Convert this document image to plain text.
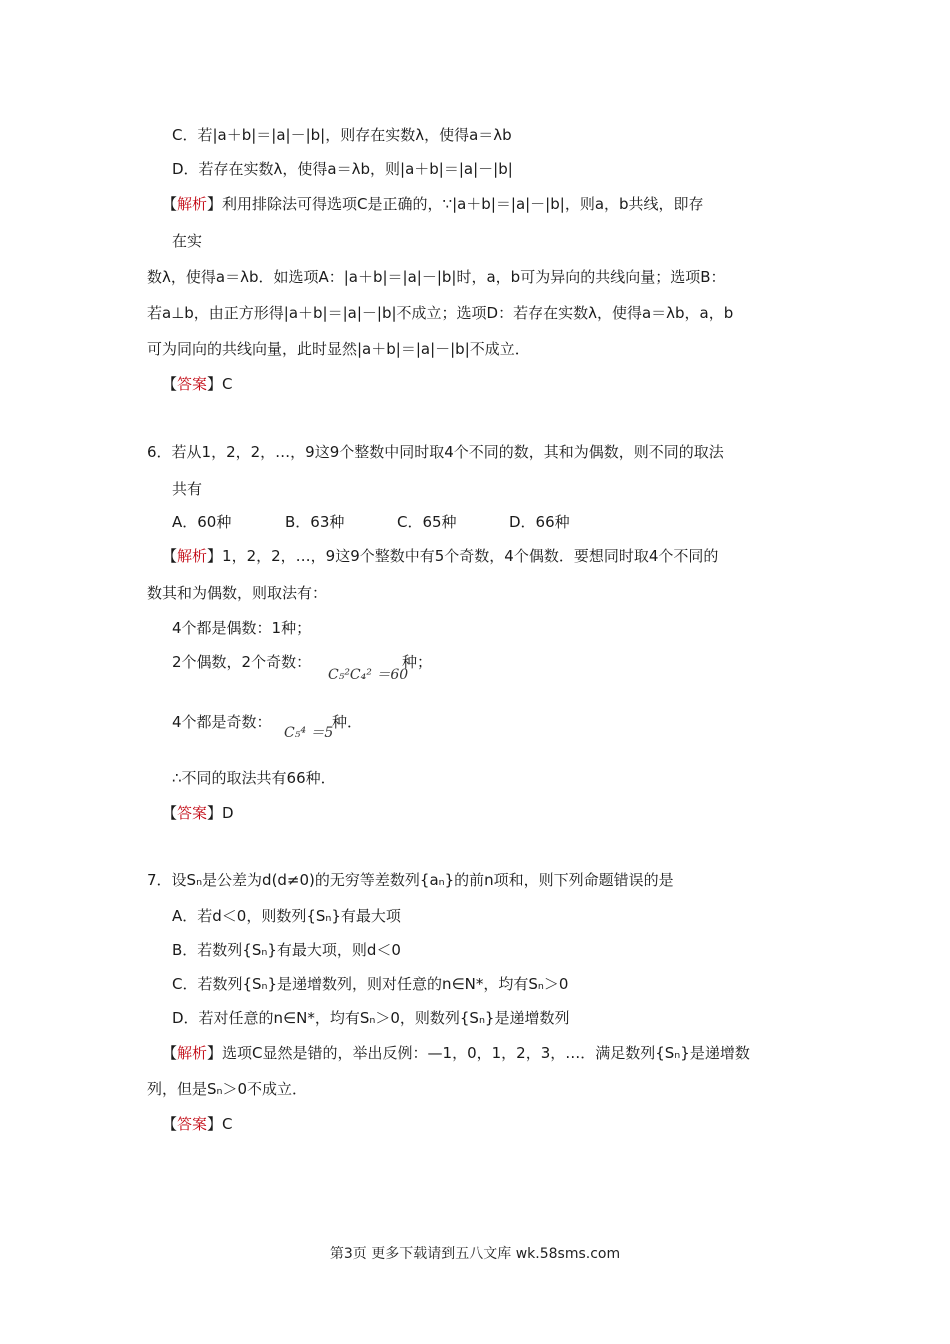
C．若|a＋b|＝|a|－|b|，则存在实数λ，使得a＝λb
D．若存在实数λ，使得a＝λb，则|a＋b|＝|a|－|b|
【解析】利用排除法可得选项C是正确的，∵|a＋b|＝|a|－|b|，则a，b共线，即存
在实
数λ，使得a＝λb．如选项A：|a＋b|＝|a|－|b|时，a，b可为异向的共线向量；选项B：
若a⊥b，由正方形得|a＋b|＝|a|－|b|不成立；选项D：若存在实数λ，使得a＝λb，a，b
可为同向的共线向量，此时显然|a＋b|＝|a|－|b|不成立．
【答案】C
6．若从1，2，2，…，9这9个整数中同时取4个不同的数，其和为偶数，则不同的取法
共有
A．60种	B．63种	C．65种	D．66种
【解析】1，2，2，…，9这9个整数中有5个奇数，4个偶数．要想同时取4个不同的
数其和为偶数，则取法有：
4个都是偶数：1种；
2个偶数，2个奇数：
C₅²C₄² ＝60
种；
4个都是奇数：
C₅⁴ ＝5
种．
∴不同的取法共有66种．
【答案】D
7．设Sₙ是公差为d(d≠0)的无穷等差数列{aₙ}的前n项和，则下列命题错误的是
A．若d＜0，则数列{Sₙ}有最大项
B．若数列{Sₙ}有最大项，则d＜0
C．若数列{Sₙ}是递增数列，则对任意的n∈N*，均有Sₙ＞0
D．若对任意的n∈N*，均有Sₙ＞0，则数列{Sₙ}是递增数列
【解析】选项C显然是错的，举出反例：—1，0，1，2，3，…．满足数列{Sₙ}是递增数
列，但是Sₙ＞0不成立．
【答案】C
第3页 更多下载请到五八文库 wk.58sms.com
